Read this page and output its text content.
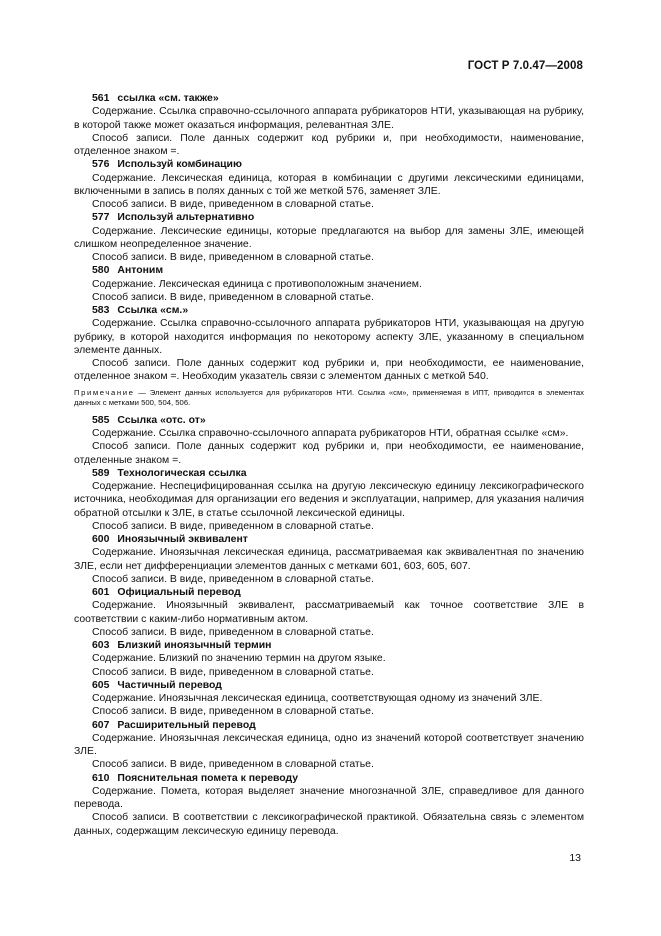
ГОСТ Р 7.0.47—2008

561 ссылка «см. также»

Содержание. Ссылка справочно-ссылочного аппарата рубрикаторов НТИ, указывающая на рубрику, в которой также может оказаться информация, релевантная ЗЛЕ.

Способ записи. Поле данных содержит код рубрики и, при необходимости, наименование, отделенное знаком =.

576 Используй комбинацию

Содержание. Лексическая единица, которая в комбинации с другими лексическими единицами, включенными в запись в полях данных с той же меткой 576, заменяет ЗЛЕ.

Способ записи. В виде, приведенном в словарной статье.

577 Используй альтернативно

Содержание. Лексические единицы, которые предлагаются на выбор для замены ЗЛЕ, имеющей слишком неопределенное значение.

Способ записи. В виде, приведенном в словарной статье.

580 Антоним

Содержание. Лексическая единица с противоположным значением.

Способ записи. В виде, приведенном в словарной статье.

583 Ссылка «см.»

Содержание. Ссылка справочно-ссылочного аппарата рубрикаторов НТИ, указывающая на другую рубрику, в которой находится информация по некоторому аспекту ЗЛЕ, указанному в специальном элементе данных.

Способ записи. Поле данных содержит код рубрики и, при необходимости, ее наименование, отделенное знаком =. Необходим указатель связи с элементом данных с меткой 540.

Примечание — Элемент данных используется для рубрикаторов НТИ. Ссылка «см», применяемая в ИПТ, приводится в элементах данных с метками 500, 504, 506.

585 Ссылка «отс. от»

Содержание. Ссылка справочно-ссылочного аппарата рубрикаторов НТИ, обратная ссылке «см».

Способ записи. Поле данных содержит код рубрики и, при необходимости, ее наименование, отделенные знаком =.

589 Технологическая ссылка

Содержание. Неспецифицированная ссылка на другую лексическую единицу лексикографического источника, необходимая для организации его ведения и эксплуатации, например, для указания наличия обратной отсылки к ЗЛЕ, в статье ссылочной лексической единицы.

Способ записи. В виде, приведенном в словарной статье.

600 Иноязычный эквивалент

Содержание. Иноязычная лексическая единица, рассматриваемая как эквивалентная по значению ЗЛЕ, если нет дифференциации элементов данных с метками 601, 603, 605, 607.

Способ записи. В виде, приведенном в словарной статье.

601 Официальный перевод

Содержание. Иноязычный эквивалент, рассматриваемый как точное соответствие ЗЛЕ в соответствии с каким-либо нормативным актом.

Способ записи. В виде, приведенном в словарной статье.

603 Близкий иноязычный термин

Содержание. Близкий по значению термин на другом языке.

Способ записи. В виде, приведенном в словарной статье.

605 Частичный перевод

Содержание. Иноязычная лексическая единица, соответствующая одному из значений ЗЛЕ.

Способ записи. В виде, приведенном в словарной статье.

607 Расширительный перевод

Содержание. Иноязычная лексическая единица, одно из значений которой соответствует значению ЗЛЕ.

Способ записи. В виде, приведенном в словарной статье.

610 Пояснительная помета к переводу

Содержание. Помета, которая выделяет значение многозначной ЗЛЕ, справедливое для данного перевода.

Способ записи. В соответствии с лексикографической практикой. Обязательна связь с элементом данных, содержащим лексическую единицу перевода.

13
